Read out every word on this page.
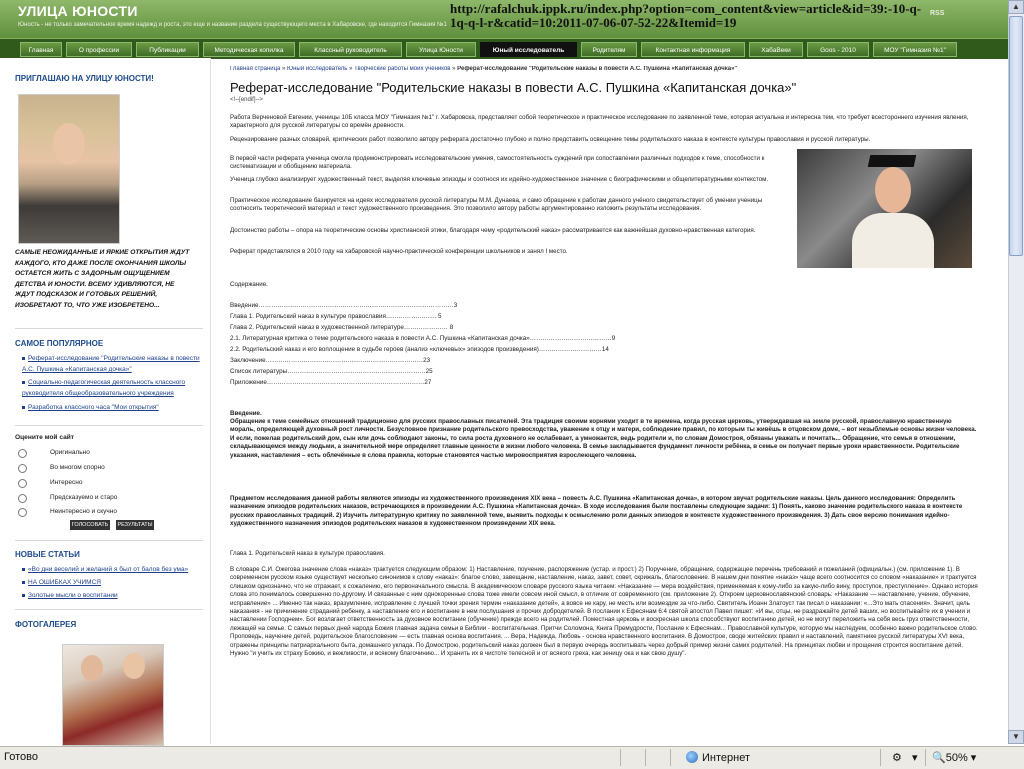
УЛИЦА ЮНОСТИ
Юность - не только замечательное время надежд и роста, это еще и название раздела существующего места в Хабаровске, где находится Гимназия №1
http://rafalchuk.ippk.ru/index.php?option=com_content&view=article&id=39:-10-q-1q-q-l-r&catid=10:2011-07-06-07-52-22&Itemid=19
RSS
Главная	О профессии	Публикации	Методическая копилка	Классный руководитель	Улица Юности	Юный исследователь	Родителям	Контактная информация	ХабаВеки	Goos - 2010	МОУ "Гимназия №1"
ПРИГЛАШАЮ НА УЛИЦУ ЮНОСТИ!
САМЫЕ НЕОЖИДАННЫЕ И ЯРКИЕ ОТКРЫТИЯ ЖДУТ КАЖДОГО, КТО ДАЖЕ ПОСЛЕ ОКОНЧАНИЯ ШКОЛЫ ОСТАЕТСЯ ЖИТЬ С ЗАДОРНЫМ ОЩУЩЕНИЕМ ДЕТСТВА И ЮНОСТИ. ВСЕМУ УДИВЛЯЮТСЯ, НЕ ЖДУТ ПОДСКАЗОК И ГОТОВЫХ РЕШЕНИЙ, ИЗОБРЕТАЮТ ТО, ЧТО УЖЕ ИЗОБРЕТЕНО...
САМОЕ ПОПУЛЯРНОЕ
Реферат-исследование "Родительские наказы в повести А.С. Пушкина «Капитанская дочка»"
Социально-педагогическая деятельность классного руководителя общеобразовательного учреждения
Разработка классного часа "Мои открытия"
Оцените мой сайт
Оригинально
Во многом спорно
Интересно
Предсказуемо и старо
Неинтересно и скучно
ГОЛОСОВАТЬ	РЕЗУЛЬТАТЫ
НОВЫЕ СТАТЬИ
«Во дни веселий и желаний я был от балов без ума»
НА ОШИБКАХ УЧИМСЯ
Золотые мысли о воспитании
ФОТОГАЛЕРЕЯ
Главная страница » Юный исследователь » Творческие работы моих учеников » Реферат-исследование "Родительские наказы в повести А.С. Пушкина «Капитанская дочка»"
Реферат-исследование "Родительские наказы в повести А.С. Пушкина «Капитанская дочка»"
<!--[endif]-->
Работа Верченовой Евгении, ученицы 10Б класса МОУ "Гимназия №1" г. Хабаровска, представляет собой теоретическое и практическое исследование по заявленной теме, которая актуальна и интересна тем, что требует всестороннего изучения явления, характерного для русской литературы со времён древности.
Рецензирование разных словарей, критических работ позволило автору реферата достаточно глубоко и полно представить освещение темы родительского наказа в контексте культуры православия и русской литературы.
В первой части реферата ученица смогла продемонстрировать исследовательские умения, самостоятельность суждений при сопоставлении различных подходов к теме, способности к систематизации и обобщению материала.
Ученица глубоко анализирует художественный текст, выделяя ключевые эпизоды и соотнося их идейно-художественное значение с биографическими и общелитературными контекстом.
Практическое исследование базируется на идеях исследователя русской литературы М.М. Дунаева, и само обращение к работам данного учёного свидетельствует об умении ученицы соотносить теоретический материал и текст художественного произведения. Это позволило автору работы аргументированно изложить результаты исследования.
Достоинство работы – опора на теоретические основы христианской этики, благодаря чему «родительский наказ» рассматривается как важнейшая духовно-нравственная категория.
Реферат представлялся в 2010 году на хабаровской научно-практической конференции школьников и занял I место.
Содержание.
Введение…………………………………………………………………………………3
Глава 1. Родительский наказ в культуре православия…………………… 5
Глава 2. Родительский наказ в художественной литературе………………… 8
2.1. Литературная критика о теме родительского наказа в повести А.С. Пушкина «Капитанская дочка»…………………………………9
2.2. Родительский наказ и его воплощение в судьбе героев (анализ «ключевых» эпизодов произведения)…………………………14
Заключение…………………………………………………………………23
Список литературы…………………………………………………………25
Приложение…………………………………………………………………27
Введение.
Обращение к теме семейных отношений традиционно для русских православных писателей. Эта традиция своими корнями уходит в те времена, когда русская церковь, утверждавшая на земле русской, православную нравственную мораль, определяющей духовный рост личности. Безусловное признание родительского превосходства, уважение к отцу и матери, соблюдение правил, по которым ты живёшь в отцовском доме, – вот незыблемые основы жизни человека. И если, пожелав родительский дом, сын или дочь соблюдают законы, то сила роста духовного не ослабевает, а умножается, ведь родители и, по словам Домостроя, обязаны уважать и почитать... Обращение, что семья в отношении, складывающемся между людьми, а значительной мере определяет главные ценности в жизни любого человека. В семье закладывается фундамент личности ребёнка, в семье он получает первые уроки нравственности. Родительские указания, наставления – есть облечённые в слова правила, которые становятся частью мировосприятия взрослеющего человека.
Предметом исследования данной работы являются эпизоды из художественного произведения XIX века – повесть А.С. Пушкина «Капитанская дочка», в котором звучат родительские наказы. Цель данного исследования: Определить назначение эпизодов родительских наказов, встречающихся в произведении А.С. Пушкина «Капитанская дочка». В ходе исследования были поставлены следующие задачи: 1) Понять, каково значение родительского наказа в контексте русских православных традиций. 2) Изучить литературную критику по заявленной теме, выявить подходы к осмыслению роли данных эпизодов в контексте художественного произведения. 3) Дать свое версию понимания идейно-художественного назначения эпизодов родительских наказов в художественном произведении XIX века.
Глава 1. Родительский наказ в культуре православия.
В словаре С.И. Ожегова значение слова «наказ» трактуется следующим образом: 1) Наставление, поучение, распоряжение (устар. и прост.) 2) Поручение, обращение, содержащее перечень требований и пожеланий (официальн.) (см. приложение 1). В современном русском языке существует несколько синонимов к слову «наказ»: благое слово, завещание, наставление, наказ, завет, совет, скрижаль, благословение. В нашем дни понятие «наказ» чаще всего соотносится со словом «наказание» и трактуется слишком однозначно, что не отражает, к сожалению, его первоначального смысла. В академическом словаре русского языка читаем: «Наказание — мера воздействия, применяемая к кому-либо за какую-либо вину, проступок, преступление». Однако история слова это понималось совершенно по-другому. И связанные с ним однокоренные слова тоже имели совсем иной смысл, в отличие от современного (см. приложение 2). Откроем церковнославянский словарь: «Наказание — наставление, учение, обучение, исправление» ... Именно так наказ, вразумление, исправление с лучшей точки зрения термин «наказание детей», а вовсе не кару, не месть или возмездие за что-либо. Святитель Иоанн Златоуст так писал о наказании: «...Это мать спасения». Значит, цель наказания - не причинение страданий ребенку, а наставление его и воспитание в нем послушания и прочих добродетелей. В послании к Ефесянам 6:4 святой апостол Павел пишет: «И вы, отцы, не раздражайте детей ваших, но воспитывайте их в учении и наставлении Господнем». Бог возлагает ответственность за духовное воспитание (обучение) прежде всего на родителей. Поместная церковь и воскресная школа способствуют воспитанию детей, но не могут переложить на себя весь груз ответственности, лежащей на семье. С самых первых дней народа Божия главная задача семьи в Библии - воспитательная. Притчи Соломона, Книга Премудрости, Послание к Ефесянам... Православной культуре, которую мы наследуем, особенно важно родительское слово. Проповедь, научение детей, родительское благословение — есть главная основа воспитания. ... Вера, Надежда, Любовь - основа нравственного воспитания. В Домострое, своде житейских правил и наставлений, памятнике русской литературы XVI века, отражены принципы патриархального быта, домашнего уклада. По Домострою, родительский наказ должен был в первую очередь воспитывать через добрый пример жизни самих родителей. На принципах любви и прощения строится воспитание детей. Нужно "и учить их страху Божию, и вежливости, и всякому благочинию... И хранить их в чистоте телесной и от всякого греха, как зеницу ока и как свою душу".
▲
▼
Готово	Интернет	⚙ ▾ 🔍50% ▾
